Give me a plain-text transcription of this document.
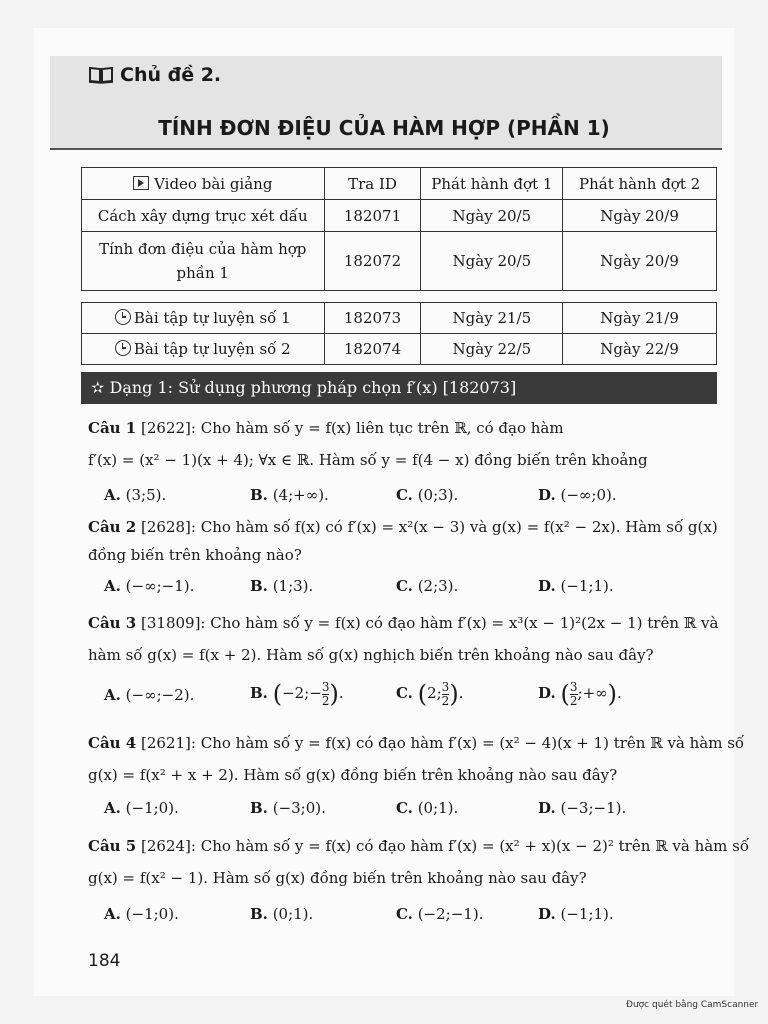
Chủ đề 2.
TÍNH ĐƠN ĐIỆU CỦA HÀM HỢP (PHẦN 1)
Video bài giảng	Tra ID	Phát hành đợt 1	Phát hành đợt 2
Cách xây dựng trục xét dấu	182071	Ngày 20/5	Ngày 20/9
Tính đơn điệu của hàm hợp phần 1	182072	Ngày 20/5	Ngày 20/9
Bài tập tự luyện số 1	182073	Ngày 21/5	Ngày 21/9
Bài tập tự luyện số 2	182074	Ngày 22/5	Ngày 22/9
✫ Dạng 1: Sử dụng phương pháp chọn f′(x) [182073]
Câu 1 [2622]: Cho hàm số y = f(x) liên tục trên ℝ, có đạo hàm
f′(x) = (x² − 1)(x + 4); ∀x ∈ ℝ. Hàm số y = f(4 − x) đồng biến trên khoảng
A. (3;5).	B. (4;+∞).	C. (0;3).	D. (−∞;0).
Câu 2 [2628]: Cho hàm số f(x) có f′(x) = x²(x − 3) và g(x) = f(x² − 2x). Hàm số g(x)
đồng biến trên khoảng nào?
A. (−∞;−1).	B. (1;3).	C. (2;3).	D. (−1;1).
Câu 3 [31809]: Cho hàm số y = f(x) có đạo hàm f′(x) = x³(x − 1)²(2x − 1) trên ℝ và
hàm số g(x) = f(x + 2). Hàm số g(x) nghịch biến trên khoảng nào sau đây?
A. (−∞;−2).	B. (−2;− $\frac{3}{2}$ ).	C. (2; $\frac{3}{2}$ ).	D. ( $\frac{3}{2}$ ;+∞).
Câu 4 [2621]: Cho hàm số y = f(x) có đạo hàm f′(x) = (x² − 4)(x + 1) trên ℝ và hàm số
g(x) = f(x² + x + 2). Hàm số g(x) đồng biến trên khoảng nào sau đây?
A. (−1;0).	B. (−3;0).	C. (0;1).	D. (−3;−1).
Câu 5 [2624]: Cho hàm số y = f(x) có đạo hàm f′(x) = (x² + x)(x − 2)² trên ℝ và hàm số
g(x) = f(x² − 1). Hàm số g(x) đồng biến trên khoảng nào sau đây?
A. (−1;0).	B. (0;1).	C. (−2;−1).	D. (−1;1).
184
Được quét bằng CamScanner
